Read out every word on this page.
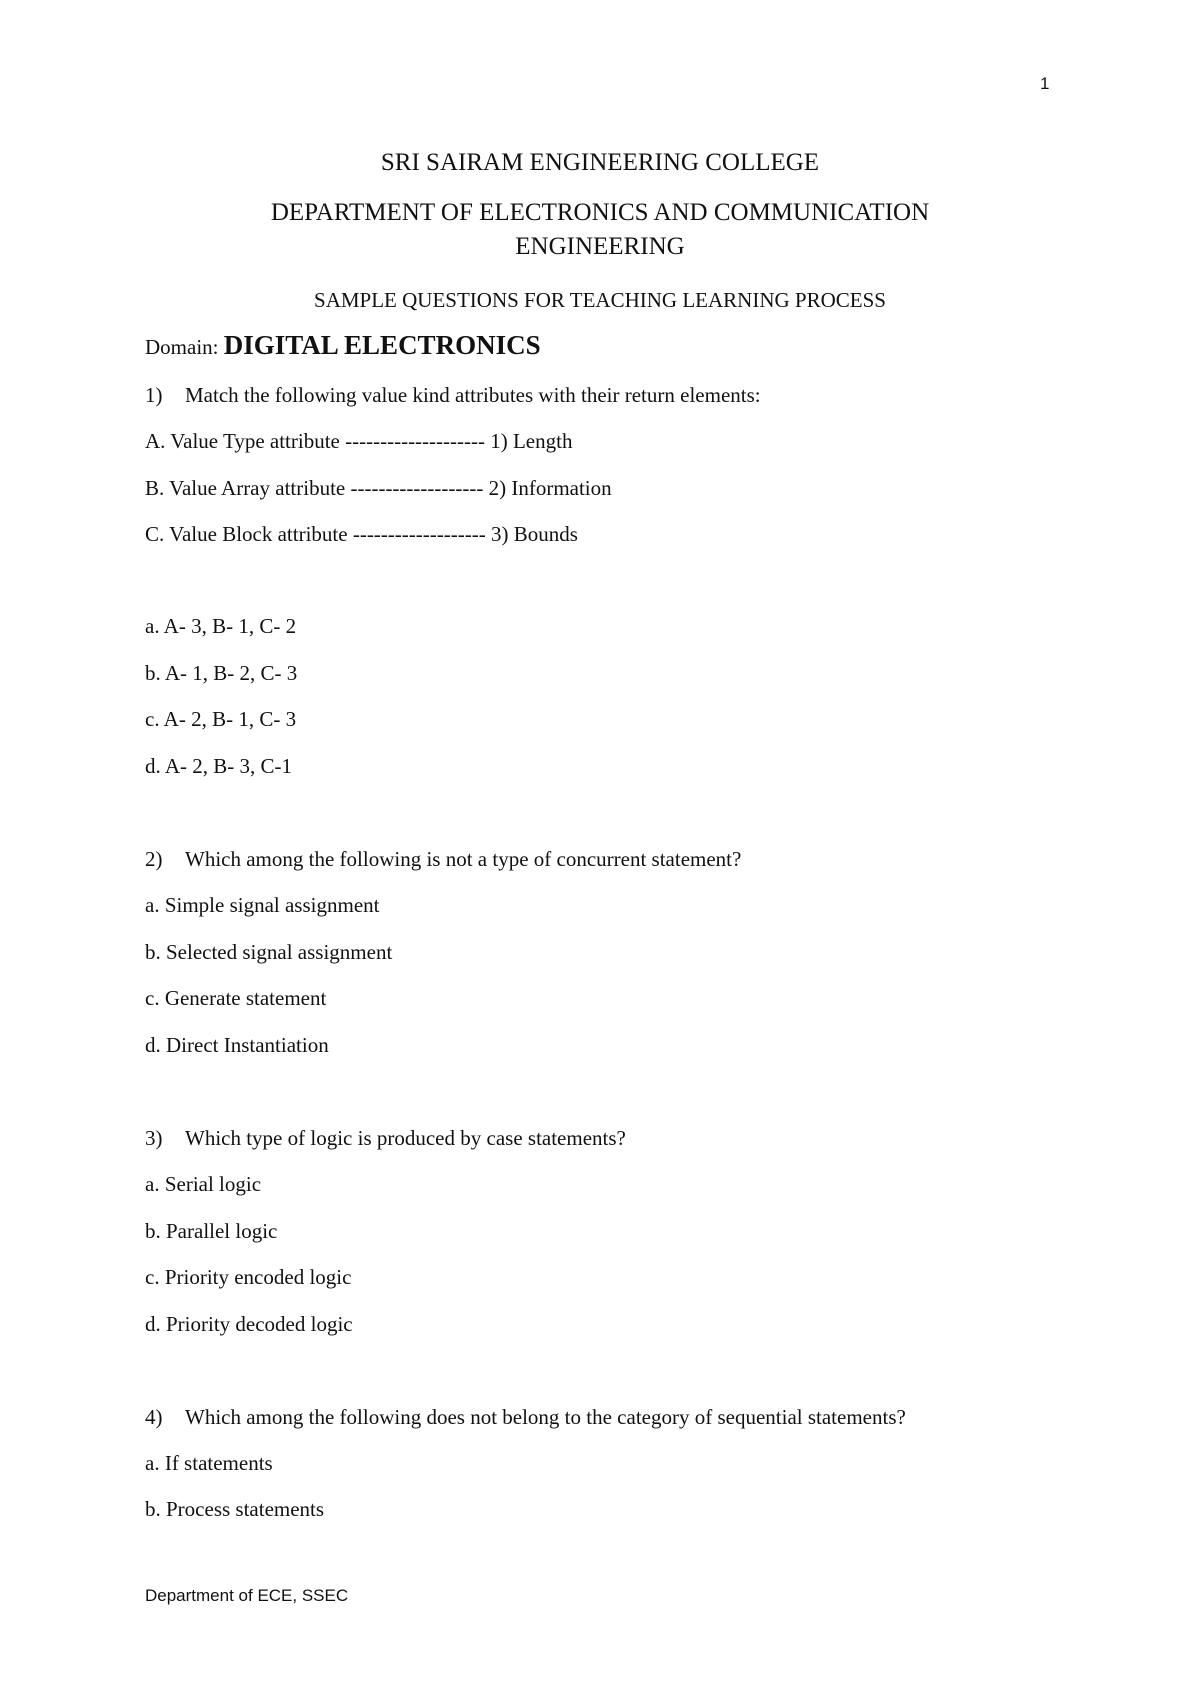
1
SRI SAIRAM ENGINEERING COLLEGE
DEPARTMENT OF ELECTRONICS AND COMMUNICATION
ENGINEERING
SAMPLE QUESTIONS FOR TEACHING LEARNING PROCESS
Domain: DIGITAL ELECTRONICS
1) Match the following value kind attributes with their return elements:
A. Value Type attribute -------------------- 1) Length
B. Value Array attribute ------------------- 2) Information
C. Value Block attribute ------------------- 3) Bounds
a. A- 3, B- 1, C- 2
b. A- 1, B- 2, C- 3
c. A- 2, B- 1, C- 3
d. A- 2, B- 3, C-1
2) Which among the following is not a type of concurrent statement?
a. Simple signal assignment
b. Selected signal assignment
c. Generate statement
d. Direct Instantiation
3) Which type of logic is produced by case statements?
a. Serial logic
b. Parallel logic
c. Priority encoded logic
d. Priority decoded logic
4) Which among the following does not belong to the category of sequential statements?
a. If statements
b. Process statements
Department of ECE, SSEC
